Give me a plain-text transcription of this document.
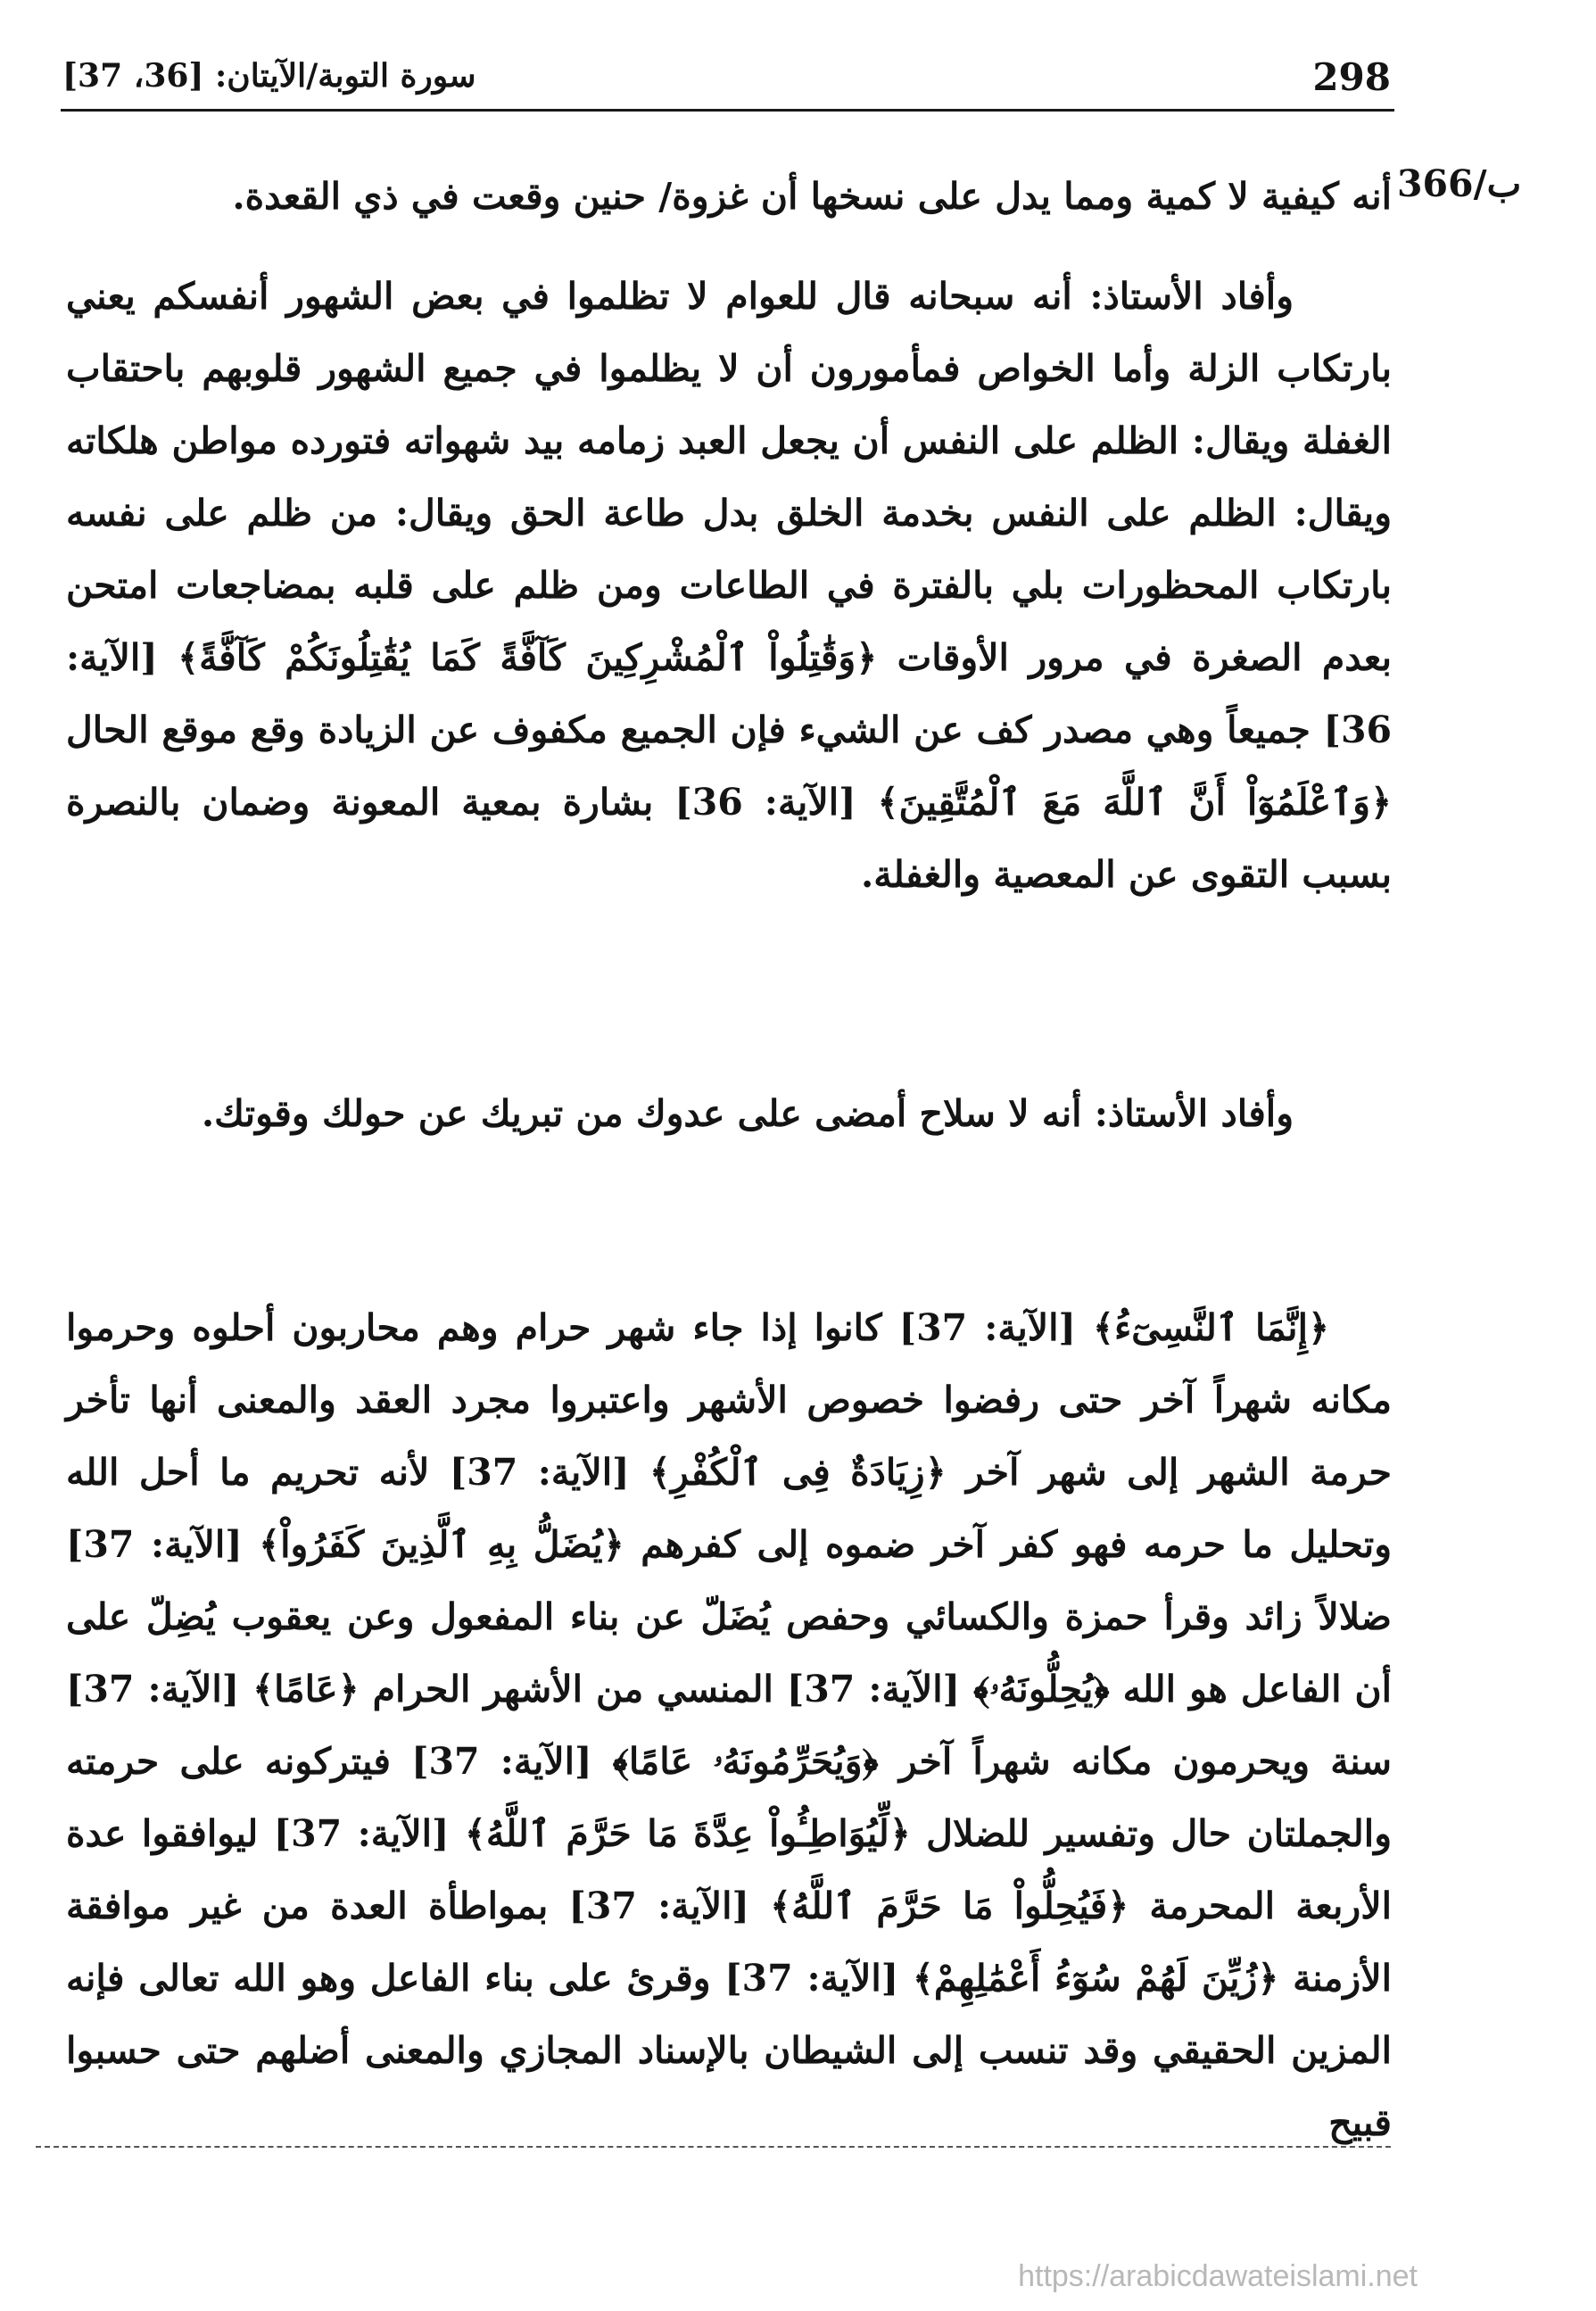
298
سورة التوبة/الآيتان: [36، 37]
366/ب

أنه كيفية لا كمية ومما يدل على نسخها أن غزوة/ حنين وقعت في ذي القعدة.

وأفاد الأستاذ: أنه سبحانه قال للعوام لا تظلموا في بعض الشهور أنفسكم يعني بارتكاب الزلة وأما الخواص فمأمورون أن لا يظلموا في جميع الشهور قلوبهم باحتقاب الغفلة ويقال: الظلم على النفس أن يجعل العبد زمامه بيد شهواته فتورده مواطن هلكاته ويقال: الظلم على النفس بخدمة الخلق بدل طاعة الحق ويقال: من ظلم على نفسه بارتكاب المحظورات بلي بالفترة في الطاعات ومن ظلم على قلبه بمضاجعات امتحن بعدم الصغرة في مرور الأوقات ﴿وَقَٰتِلُواْ ٱلْمُشْرِكِينَ كَآفَّةً كَمَا يُقَٰتِلُونَكُمْ كَآفَّةً﴾ [الآية: 36] جميعاً وهي مصدر كف عن الشيء فإن الجميع مكفوف عن الزيادة وقع موقع الحال ﴿وَٱعْلَمُوٓاْ أَنَّ ٱللَّهَ مَعَ ٱلْمُتَّقِينَ﴾ [الآية: 36] بشارة بمعية المعونة وضمان بالنصرة بسبب التقوى عن المعصية والغفلة.

وأفاد الأستاذ: أنه لا سلاح أمضى على عدوك من تبريك عن حولك وقوتك.

﴿إِنَّمَا ٱلنَّسِىٓءُ﴾ [الآية: 37] كانوا إذا جاء شهر حرام وهم محاربون أحلوه وحرموا مكانه شهراً آخر حتى رفضوا خصوص الأشهر واعتبروا مجرد العقد والمعنى أنها تأخر حرمة الشهر إلى شهر آخر ﴿زِيَادَةٌ فِى ٱلْكُفْرِ﴾ [الآية: 37] لأنه تحريم ما أحل الله وتحليل ما حرمه فهو كفر آخر ضموه إلى كفرهم ﴿يُضَلُّ بِهِ ٱلَّذِينَ كَفَرُواْ﴾ [الآية: 37] ضلالاً زائد وقرأ حمزة والكسائي وحفص يُضَلّ عن بناء المفعول وعن يعقوب يُضِلّ على أن الفاعل هو الله ﴿يُحِلُّونَهُۥ﴾ [الآية: 37] المنسي من الأشهر الحرام ﴿عَامًا﴾ [الآية: 37] سنة ويحرمون مكانه شهراً آخر ﴿وَيُحَرِّمُونَهُۥ عَامًا﴾ [الآية: 37] فيتركونه على حرمته والجملتان حال وتفسير للضلال ﴿لِّيُوَاطِـُٔواْ عِدَّةَ مَا حَرَّمَ ٱللَّهُ﴾ [الآية: 37] ليوافقوا عدة الأربعة المحرمة ﴿فَيُحِلُّواْ مَا حَرَّمَ ٱللَّهُ﴾ [الآية: 37] بمواطأة العدة من غير موافقة الأزمنة ﴿زُيِّنَ لَهُمْ سُوٓءُ أَعْمَٰلِهِمْ﴾ [الآية: 37] وقرئ على بناء الفاعل وهو الله تعالى فإنه المزين الحقيقي وقد تنسب إلى الشيطان بالإسناد المجازي والمعنى أضلهم حتى حسبوا قبيح

https://arabicdawateislami.net
